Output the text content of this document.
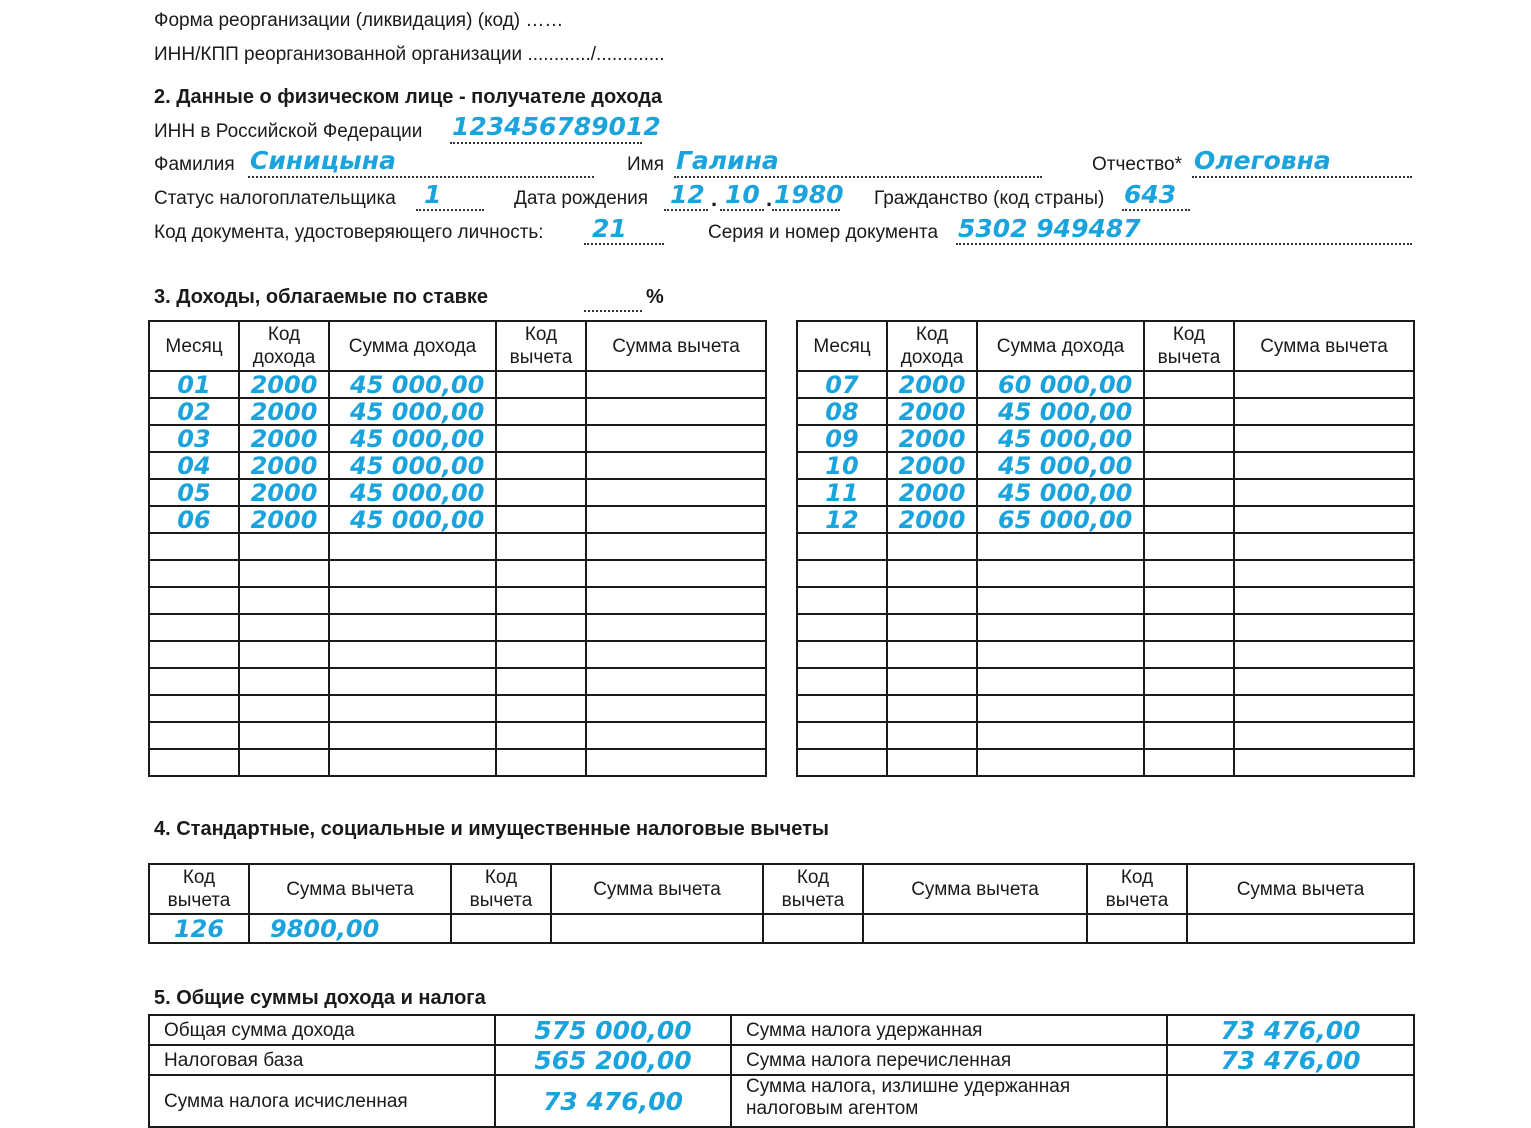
Форма реорганизации (ликвидация) (код) ……
ИНН/КПП реорганизованной организации ............/.............
2. Данные о физическом лице - получателе дохода
ИНН в Российской Федерации 123456789012
Фамилия Синицына	Имя Галина	Отчество* Олеговна
Статус налогоплательщика 1	Дата рождения 12 . 10 . 1980 Гражданство (код страны) 643
Код документа, удостоверяющего личность: 21	Серия и номер документа 5302 949487
3. Доходы, облагаемые по ставке	%
Месяц	Код дохода	Сумма дохода	Код вычета	Сумма вычета
01	2000	45 000,00		
02	2000	45 000,00		
03	2000	45 000,00		
04	2000	45 000,00		
05	2000	45 000,00		
06	2000	45 000,00		

Месяц	Код дохода	Сумма дохода	Код вычета	Сумма вычета
07	2000	60 000,00		
08	2000	45 000,00		
09	2000	45 000,00		
10	2000	45 000,00		
11	2000	45 000,00		
12	2000	65 000,00		

4. Стандартные, социальные и имущественные налоговые вычеты
Код вычета	Сумма вычета	Код вычета	Сумма вычета	Код вычета	Сумма вычета	Код вычета	Сумма вычета
126	9800,00						
5. Общие суммы дохода и налога
Общая сумма дохода	575 000,00	Сумма налога удержанная	73 476,00
Налоговая база	565 200,00	Сумма налога перечисленная	73 476,00
Сумма налога исчисленная	73 476,00	Сумма налога, излишне удержанная налоговым агентом	
